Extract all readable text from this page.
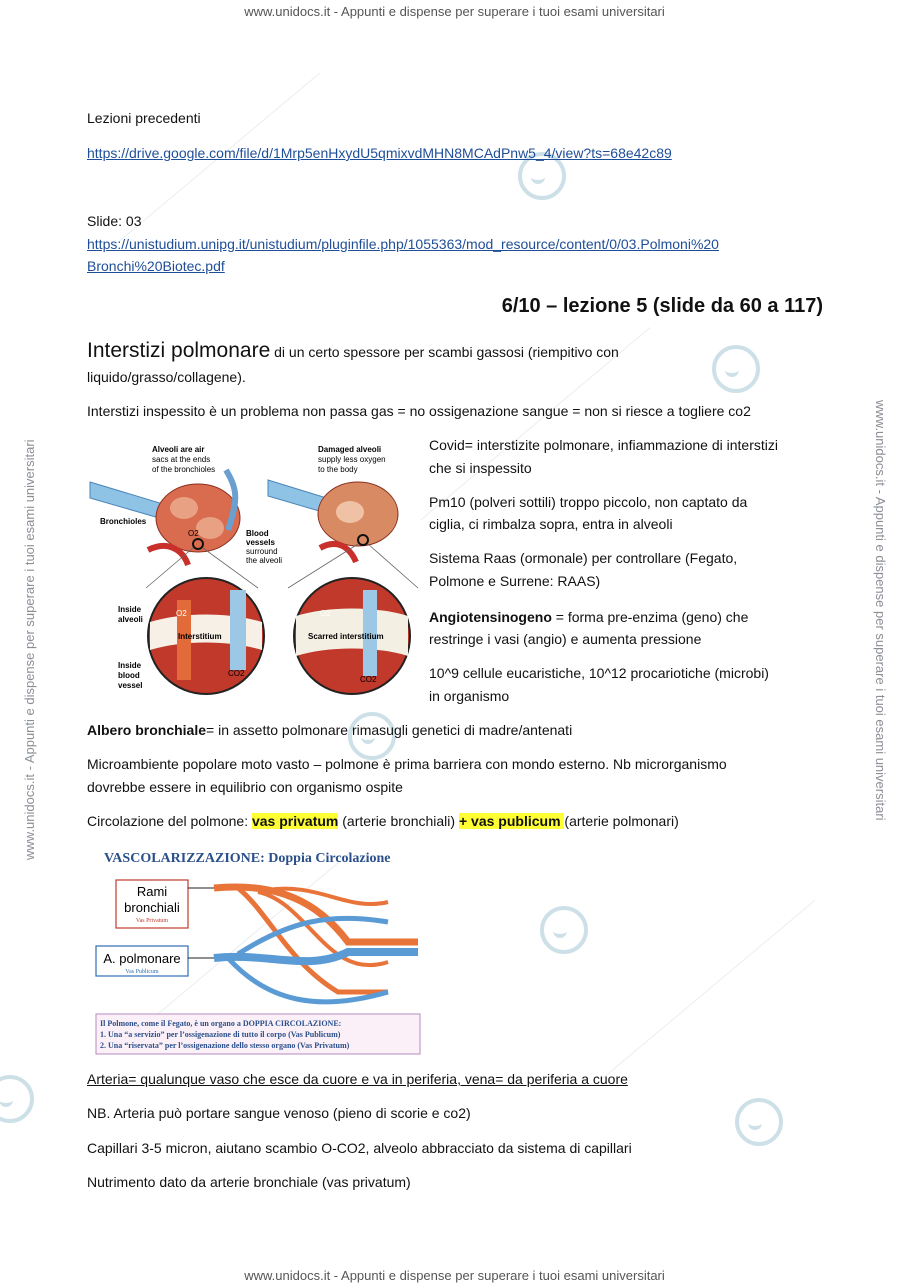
www.unidocs.it - Appunti e dispense per superare i tuoi esami universitari
www.unidocs.it - Appunti e dispense per superare i tuoi esami universitari
www.unidocs.it - Appunti e dispense per superare i tuoi esami universitari	www.unidocs.it - Appunti e dispense per superare i tuoi esami universitari
Lezioni precedenti
https://drive.google.com/file/d/1Mrp5enHxydU5qmixvdMHN8MCAdPnw5_4/view?ts=68e42c89
Slide: 03
https://unistudium.unipg.it/unistudium/pluginfile.php/1055363/mod_resource/content/0/03.Polmoni%20
Bronchi%20Biotec.pdf
6/10 – lezione 5 (slide da 60 a 117)
Interstizi polmonare di un certo spessore per scambi gassosi (riempitivo con
liquido/grasso/collagene).
Interstizi inspessito è un problema non passa gas = no ossigenazione sangue = non si riesce a togliere co2
Covid= interstizite polmonare, infiammazione di interstizi
che si inspessito
Pm10 (polveri sottili) troppo piccolo, non captato da
ciglia, ci rimbalza sopra, entra in alveoli
Sistema Raas (ormonale) per controllare (Fegato,
Polmone e Surrene: RAAS)
Angiotensinogeno = forma pre-enzima (geno) che
restringe i vasi (angio) e aumenta pressione
10^9 cellule eucaristiche, 10^12 procariotiche (microbi)
in organismo
Albero bronchiale= in assetto polmonare rimasugli genetici di madre/antenati
Microambiente popolare moto vasto – polmone è prima barriera con mondo esterno. Nb microrganismo
dovrebbe essere in equilibrio con organismo ospite
Circolazione del polmone: vas privatum (arterie bronchiali) + vas publicum (arterie polmonari)
Arteria= qualunque vaso che esce da cuore e va in periferia, vena= da periferia a cuore
NB. Arteria può portare sangue venoso (pieno di scorie e co2)
Capillari 3-5 micron, aiutano scambio O-CO2, alveolo abbracciato da sistema di capillari
Nutrimento dato da arterie bronchiale (vas privatum)
Alveoli are air
sacs at the ends
of the bronchioles
Damaged alveoli
supply less oxygen
to the body
Bronchioles
Blood
vessels
surround
the alveoli
Inside
alveoli
Inside
blood
vessel
Interstitium	Scarred interstitium
O2
CO2
O2
CO2
CO2
O2
VASCOLARIZZAZIONE: Doppia Circolazione
Rami
bronchiali
Vas Privatum
A. polmonare
Vas Publicum
Il Polmone, come il Fegato, è un organo a DOPPIA CIRCOLAZIONE:
1. Una “a servizio” per l’ossigenazione di tutto il corpo (Vas Publicum)
2. Una “riservata” per l’ossigenazione dello stesso organo (Vas Privatum)
